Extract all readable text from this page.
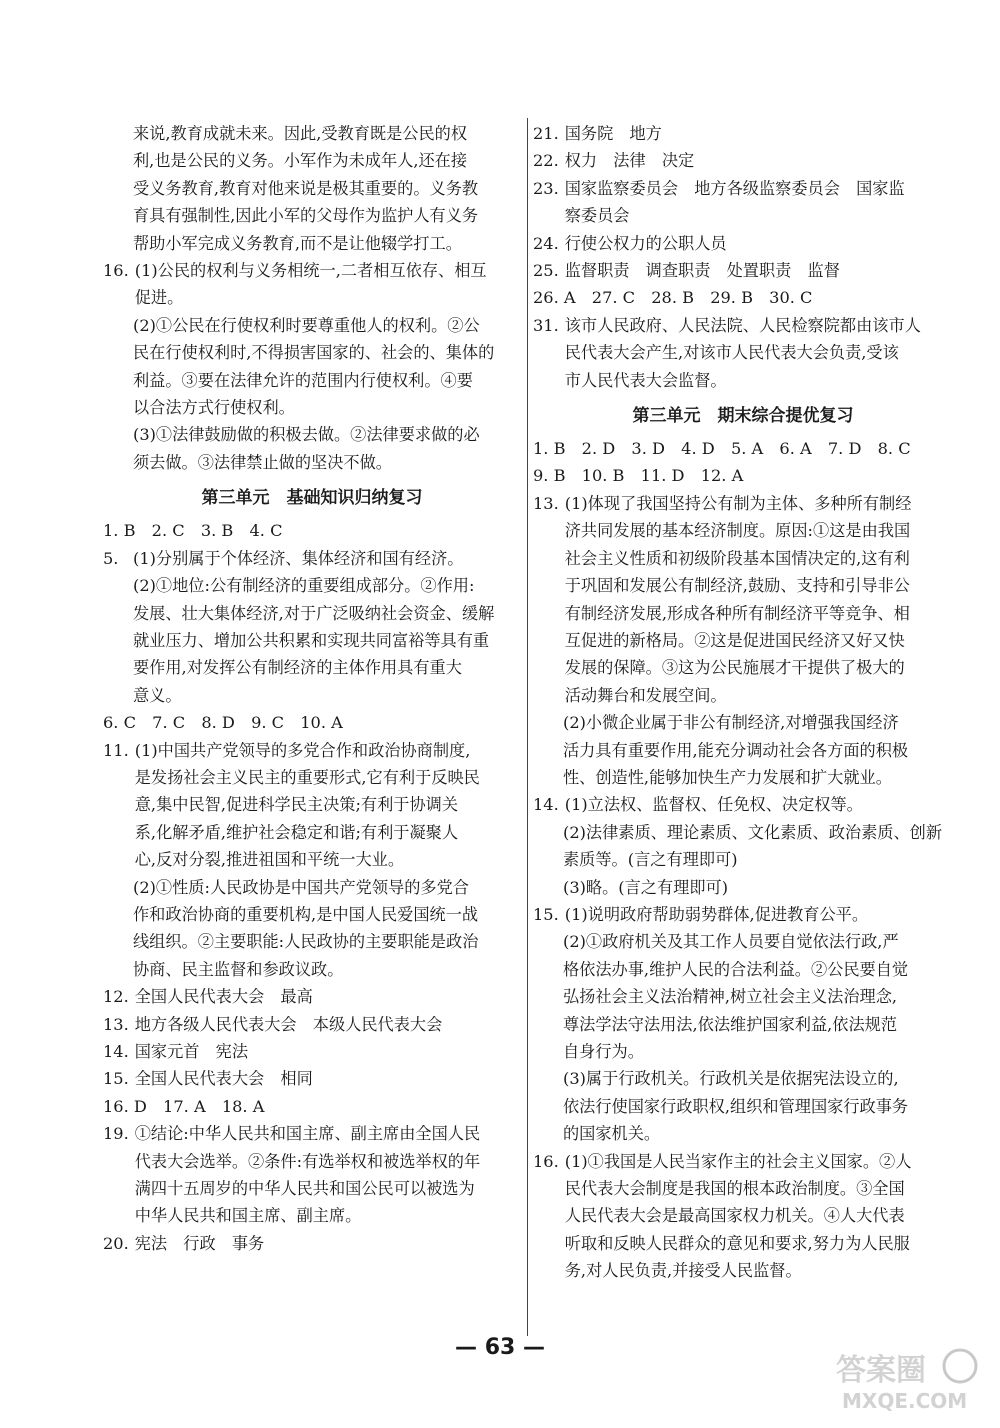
来说,教育成就未来。因此,受教育既是公民的权
利,也是公民的义务。小军作为未成年人,还在接
受义务教育,教育对他来说是极其重要的。义务教
育具有强制性,因此小军的父母作为监护人有义务
帮助小军完成义务教育,而不是让他辍学打工。
16. (1)公民的权利与义务相统一,二者相互依存、相互
促进。
(2)①公民在行使权利时要尊重他人的权利。②公
民在行使权利时,不得损害国家的、社会的、集体的
利益。③要在法律允许的范围内行使权利。④要
以合法方式行使权利。
(3)①法律鼓励做的积极去做。②法律要求做的必
须去做。③法律禁止做的坚决不做。
第三单元　基础知识归纳复习
1. B　2. C　3. B　4. C
5. (1)分别属于个体经济、集体经济和国有经济。
(2)①地位:公有制经济的重要组成部分。②作用:
发展、壮大集体经济,对于广泛吸纳社会资金、缓解
就业压力、增加公共积累和实现共同富裕等具有重
要作用,对发挥公有制经济的主体作用具有重大
意义。
6. C　7. C　8. D　9. C　10. A
11. (1)中国共产党领导的多党合作和政治协商制度,
是发扬社会主义民主的重要形式,它有利于反映民
意,集中民智,促进科学民主决策;有利于协调关
系,化解矛盾,维护社会稳定和谐;有利于凝聚人
心,反对分裂,推进祖国和平统一大业。
(2)①性质:人民政协是中国共产党领导的多党合
作和政治协商的重要机构,是中国人民爱国统一战
线组织。②主要职能:人民政协的主要职能是政治
协商、民主监督和参政议政。
12. 全国人民代表大会　最高
13. 地方各级人民代表大会　本级人民代表大会
14. 国家元首　宪法
15. 全国人民代表大会　相同
16. D　17. A　18. A
19. ①结论:中华人民共和国主席、副主席由全国人民
代表大会选举。②条件:有选举权和被选举权的年
满四十五周岁的中华人民共和国公民可以被选为
中华人民共和国主席、副主席。
20. 宪法　行政　事务
21. 国务院　地方
22. 权力　法律　决定
23. 国家监察委员会　地方各级监察委员会　国家监
察委员会
24. 行使公权力的公职人员
25. 监督职责　调查职责　处置职责　监督
26. A　27. C　28. B　29. B　30. C
31. 该市人民政府、人民法院、人民检察院都由该市人
民代表大会产生,对该市人民代表大会负责,受该
市人民代表大会监督。
第三单元　期末综合提优复习
1. B　2. D　3. D　4. D　5. A　6. A　7. D　8. C
9. B　10. B　11. D　12. A
13. (1)体现了我国坚持公有制为主体、多种所有制经
济共同发展的基本经济制度。原因:①这是由我国
社会主义性质和初级阶段基本国情决定的,这有利
于巩固和发展公有制经济,鼓励、支持和引导非公
有制经济发展,形成各种所有制经济平等竞争、相
互促进的新格局。②这是促进国民经济又好又快
发展的保障。③这为公民施展才干提供了极大的
活动舞台和发展空间。
(2)小微企业属于非公有制经济,对增强我国经济
活力具有重要作用,能充分调动社会各方面的积极
性、创造性,能够加快生产力发展和扩大就业。
14. (1)立法权、监督权、任免权、决定权等。
(2)法律素质、理论素质、文化素质、政治素质、创新
素质等。(言之有理即可)
(3)略。(言之有理即可)
15. (1)说明政府帮助弱势群体,促进教育公平。
(2)①政府机关及其工作人员要自觉依法行政,严
格依法办事,维护人民的合法利益。②公民要自觉
弘扬社会主义法治精神,树立社会主义法治理念,
尊法学法守法用法,依法维护国家利益,依法规范
自身行为。
(3)属于行政机关。行政机关是依据宪法设立的,
依法行使国家行政职权,组织和管理国家行政事务
的国家机关。
16. (1)①我国是人民当家作主的社会主义国家。②人
民代表大会制度是我国的根本政治制度。③全国
人民代表大会是最高国家权力机关。④人大代表
听取和反映人民群众的意见和要求,努力为人民服
务,对人民负责,并接受人民监督。
— 63 —
答案圈
MXQE.COM
